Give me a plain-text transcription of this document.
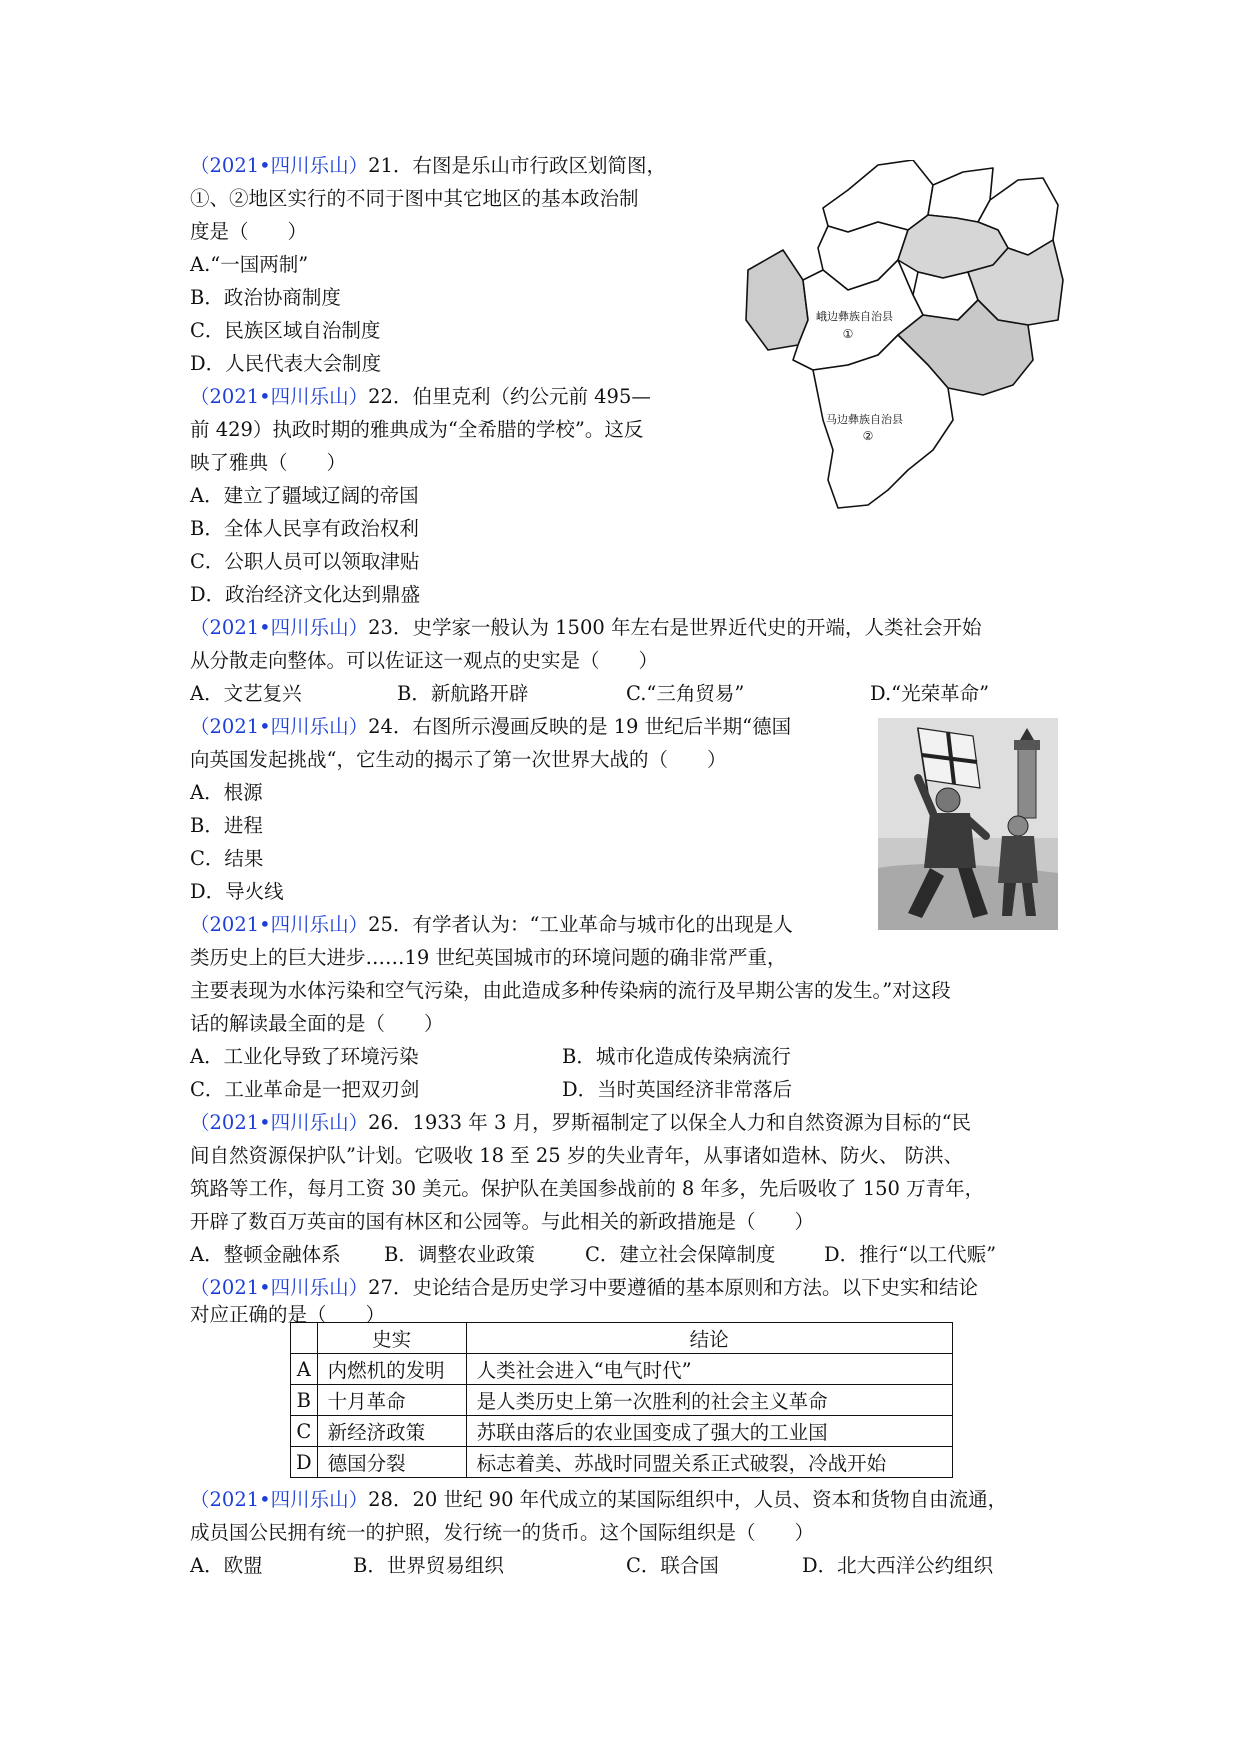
（2021•四川乐山）21．右图是乐山市行政区划简图，
①、②地区实行的不同于图中其它地区的基本政治制
度是（　　）
A.“一国两制”
B．政治协商制度
C．民族区域自治制度
D．人民代表大会制度
峨边彝族自治县
①
马边彝族自治县
②
（2021•四川乐山）22．伯里克利（约公元前 495—
前 429）执政时期的雅典成为“全希腊的学校”。这反
映了雅典（　　）
A．建立了疆域辽阔的帝国
B．全体人民享有政治权利
C．公职人员可以领取津贴
D．政治经济文化达到鼎盛
（2021•四川乐山）23．史学家一般认为 1500 年左右是世界近代史的开端，人类社会开始
从分散走向整体。可以佐证这一观点的史实是（　　）
A．文艺复兴	B．新航路开辟	C.“三角贸易”	D.“光荣革命”
（2021•四川乐山）24．右图所示漫画反映的是 19 世纪后半期“德国
向英国发起挑战“，它生动的揭示了第一次世界大战的（　　）
A．根源
B．进程
C．结果
D．导火线
（2021•四川乐山）25．有学者认为：“工业革命与城市化的出现是人
类历史上的巨大进步……19 世纪英国城市的环境问题的确非常严重，
主要表现为水体污染和空气污染，由此造成多种传染病的流行及早期公害的发生。”对这段
话的解读最全面的是（　　）
A．工业化导致了环境污染	B．城市化造成传染病流行
C．工业革命是一把双刃剑	D．当时英国经济非常落后
（2021•四川乐山）26．1933 年 3 月，罗斯福制定了以保全人力和自然资源为目标的“民
间自然资源保护队”计划。它吸收 18 至 25 岁的失业青年，从事诸如造林、防火、 防洪、
筑路等工作，每月工资 30 美元。保护队在美国参战前的 8 年多，先后吸收了 150 万青年，
开辟了数百万英亩的国有林区和公园等。与此相关的新政措施是（　　）
A．整顿金融体系 B．调整农业政策	C．建立社会保障制度 D．推行“以工代赈”
（2021•四川乐山）27．史论结合是历史学习中要遵循的基本原则和方法。以下史实和结论
对应正确的是（　　）
	史实	结论
A	内燃机的发明	人类社会进入“电气时代”
B	十月革命	是人类历史上第一次胜利的社会主义革命
C	新经济政策	苏联由落后的农业国变成了强大的工业国
D	德国分裂	标志着美、苏战时同盟关系正式破裂，冷战开始
（2021•四川乐山）28．20 世纪 90 年代成立的某国际组织中，人员、资本和货物自由流通，
成员国公民拥有统一的护照，发行统一的货币。这个国际组织是（　　）
A．欧盟	B．世界贸易组织	C．联合国	D．北大西洋公约组织
